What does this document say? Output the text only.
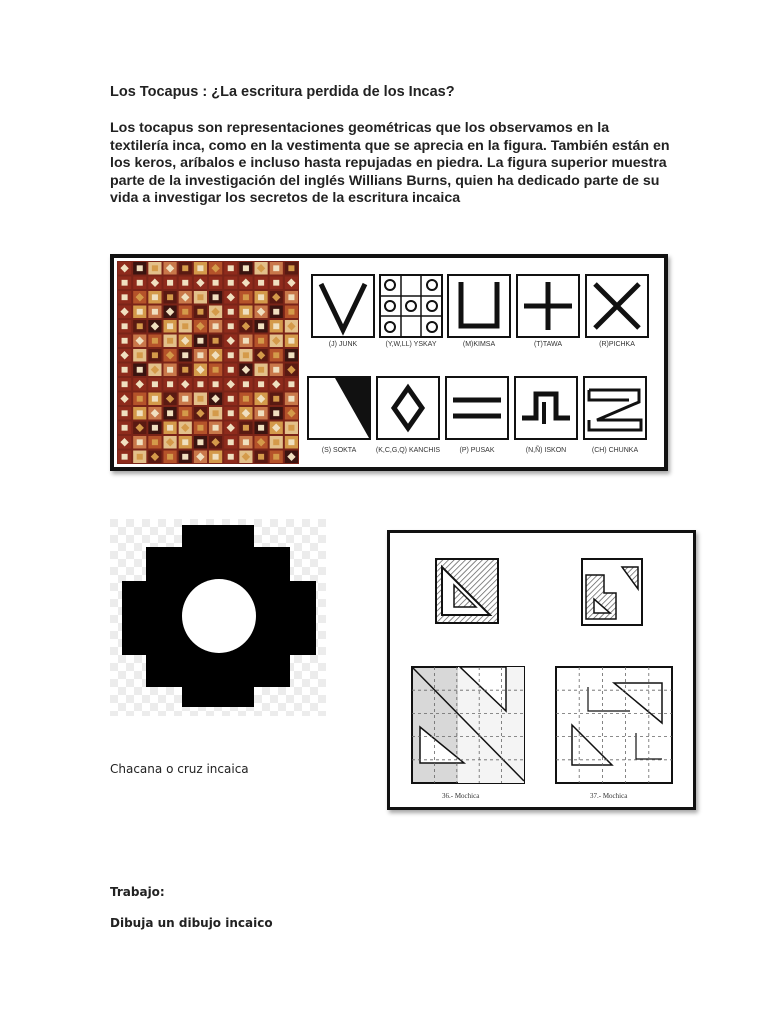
Los Tocapus : ¿La escritura perdida de los Incas?

Los tocapus son representaciones geométricas que los observamos en la textilería inca, como en la vestimenta que se aprecia en la figura. También están en los keros, aríbalos e incluso hasta repujadas en piedra. La figura superior muestra parte de la investigación del inglés Willians Burns, quien ha dedicado parte de su vida a investigar los secretos de la escritura incaica

(J) JUNK	(Y,W,LL) YSKAY	(M)KIMSA	(T)TAWA	(R)PICHKA
(S) SOKTA	(K,C,G,Q) KANCHIS	(P) PUSAK	(N,Ñ) ISKON	(CH) CHUNKA

Chacana o cruz incaica

36.- Mochica	37.- Mochica

Trabajo:

Dibuja un dibujo incaico
